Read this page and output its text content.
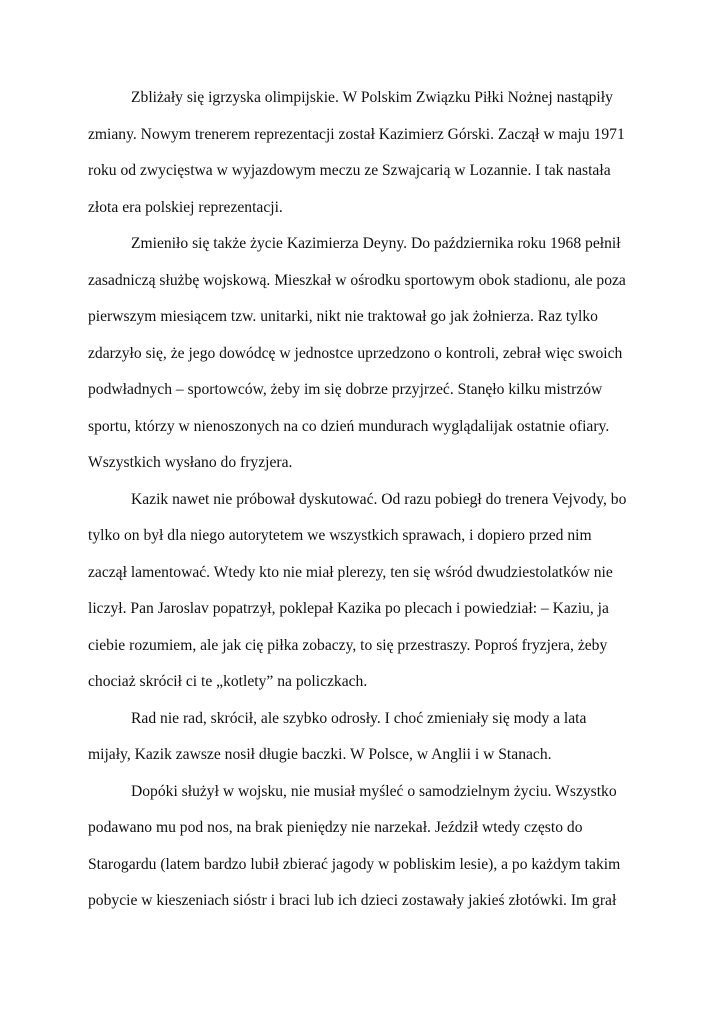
Zbliżały się igrzyska olimpijskie. W Polskim Związku Piłki Nożnej nastąpiły
zmiany. Nowym trenerem reprezentacji został Kazimierz Górski. Zaczął w maju 1971
roku od zwycięstwa w wyjazdowym meczu ze Szwajcarią w Lozannie. I tak nastała
złota era polskiej reprezentacji.
Zmieniło się także życie Kazimierza Deyny. Do października roku 1968 pełnił
zasadniczą służbę wojskową. Mieszkał w ośrodku sportowym obok stadionu, ale poza
pierwszym miesiącem tzw. unitarki, nikt nie traktował go jak żołnierza. Raz tylko
zdarzyło się, że jego dowódcę w jednostce uprzedzono o kontroli, zebrał więc swoich
podwładnych – sportowców, żeby im się dobrze przyjrzeć. Stanęło kilku mistrzów
sportu, którzy w nienoszonych na co dzień mundurach wyglądalijak ostatnie ofiary.
Wszystkich wysłano do fryzjera.
Kazik nawet nie próbował dyskutować. Od razu pobiegł do trenera Vejvody, bo
tylko on był dla niego autorytetem we wszystkich sprawach, i dopiero przed nim
zaczął lamentować. Wtedy kto nie miał plerezy, ten się wśród dwudziestolatków nie
liczył. Pan Jaroslav popatrzył, poklepał Kazika po plecach i powiedział: – Kaziu, ja
ciebie rozumiem, ale jak cię piłka zobaczy, to się przestraszy. Poproś fryzjera, żeby
chociaż skrócił ci te „kotlety” na policzkach.
Rad nie rad, skrócił, ale szybko odrosły. I choć zmieniały się mody a lata
mijały, Kazik zawsze nosił długie baczki. W Polsce, w Anglii i w Stanach.
Dopóki służył w wojsku, nie musiał myśleć o samodzielnym życiu. Wszystko
podawano mu pod nos, na brak pieniędzy nie narzekał. Jeździł wtedy często do
Starogardu (latem bardzo lubił zbierać jagody w pobliskim lesie), a po każdym takim
pobycie w kieszeniach sióstr i braci lub ich dzieci zostawały jakieś złotówki. Im grał
